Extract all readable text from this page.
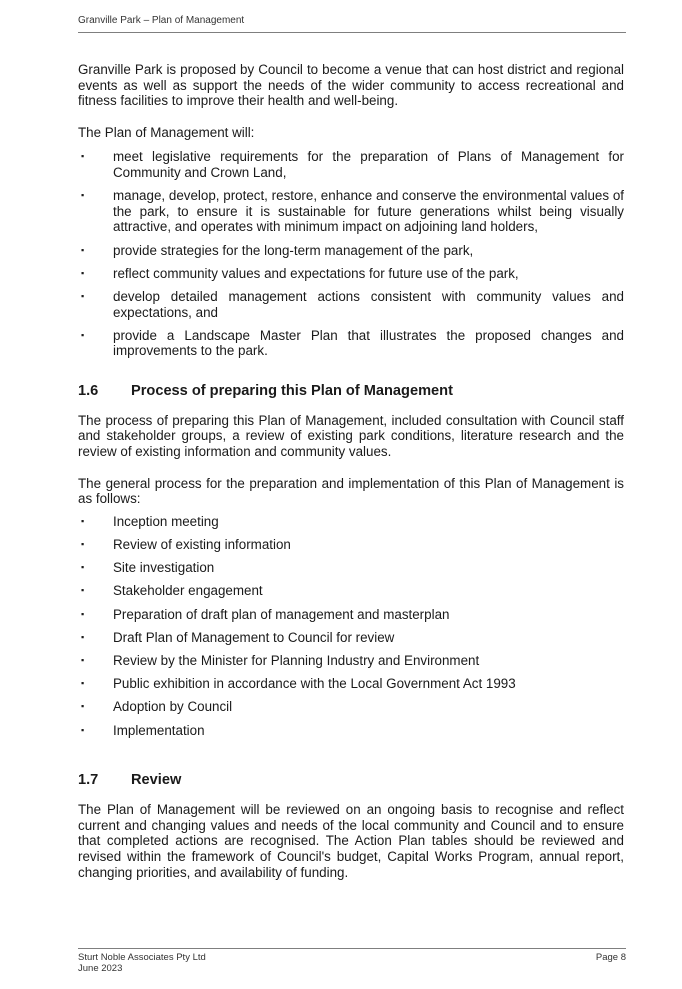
Granville Park – Plan of Management

Granville Park is proposed by Council to become a venue that can host district and regional events as well as support the needs of the wider community to access recreational and fitness facilities to improve their health and well-being.

The Plan of Management will:

▪ meet legislative requirements for the preparation of Plans of Management for Community and Crown Land,
▪ manage, develop, protect, restore, enhance and conserve the environmental values of the park, to ensure it is sustainable for future generations whilst being visually attractive, and operates with minimum impact on adjoining land holders,
▪ provide strategies for the long-term management of the park,
▪ reflect community values and expectations for future use of the park,
▪ develop detailed management actions consistent with community values and expectations, and
▪ provide a Landscape Master Plan that illustrates the proposed changes and improvements to the park.
1.6	Process of preparing this Plan of Management

The process of preparing this Plan of Management, included consultation with Council staff and stakeholder groups, a review of existing park conditions, literature research and the review of existing information and community values.

The general process for the preparation and implementation of this Plan of Management is as follows:

▪ Inception meeting
▪ Review of existing information
▪ Site investigation
▪ Stakeholder engagement
▪ Preparation of draft plan of management and masterplan
▪ Draft Plan of Management to Council for review
▪ Review by the Minister for Planning Industry and Environment
▪ Public exhibition in accordance with the Local Government Act 1993
▪ Adoption by Council
▪ Implementation
1.7	Review

The Plan of Management will be reviewed on an ongoing basis to recognise and reflect current and changing values and needs of the local community and Council and to ensure that completed actions are recognised. The Action Plan tables should be reviewed and revised within the framework of Council's budget, Capital Works Program, annual report, changing priorities, and availability of funding.

Sturt Noble Associates Pty Ltd
June 2023
Page 8
